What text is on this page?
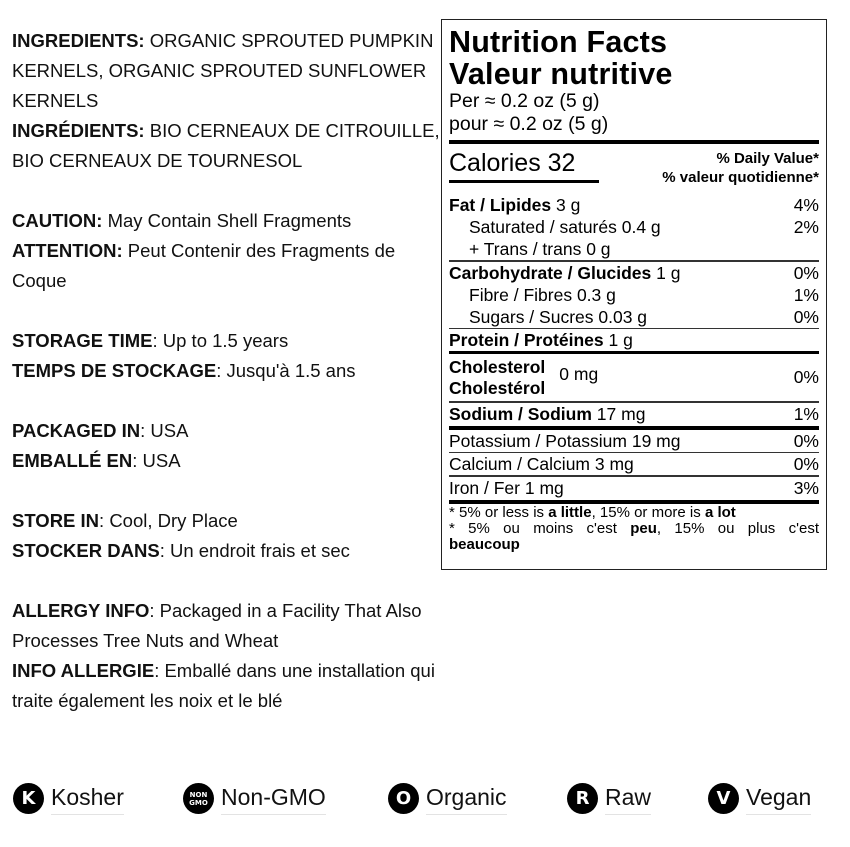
INGREDIENTS: ORGANIC SPROUTED PUMPKIN KERNELS, ORGANIC SPROUTED SUNFLOWER KERNELS

INGRÉDIENTS: BIO CERNEAUX DE CITROUILLE, BIO CERNEAUX DE TOURNESOL

CAUTION: May Contain Shell Fragments

ATTENTION: Peut Contenir des Fragments de Coque

STORAGE TIME: Up to 1.5 years

TEMPS DE STOCKAGE: Jusqu'à 1.5 ans

PACKAGED IN: USA

EMBALLÉ EN: USA

STORE IN: Cool, Dry Place

STOCKER DANS: Un endroit frais et sec

ALLERGY INFO: Packaged in a Facility That Also Processes Tree Nuts and Wheat

INFO ALLERGIE: Emballé dans une installation qui traite également les noix et le blé

Nutrition Facts
Valeur nutritive
Per ≈ 0.2 oz (5 g)
pour ≈ 0.2 oz (5 g)
Calories 32	% Daily Value*
% valeur quotidienne*
Fat / Lipides 3 g	4%
Saturated / saturés 0.4 g	2%
+ Trans / trans 0 g
Carbohydrate / Glucides 1 g	0%
Fibre / Fibres 0.3 g	1%
Sugars / Sucres 0.03 g	0%
Protein / Protéines 1 g
Cholesterol
Cholestérol
0 mg	0%
Sodium / Sodium 17 mg	1%
Potassium / Potassium 19 mg	0%
Calcium / Calcium 3 mg	0%
Iron / Fer 1 mg	3%
* 5% or less is a little, 15% or more is a lot
* 5% ou moins c'est peu, 15% ou plus c'est
beaucoup
K Kosher	NON
GMO Non-GMO	O Organic	R Raw	V Vegan
